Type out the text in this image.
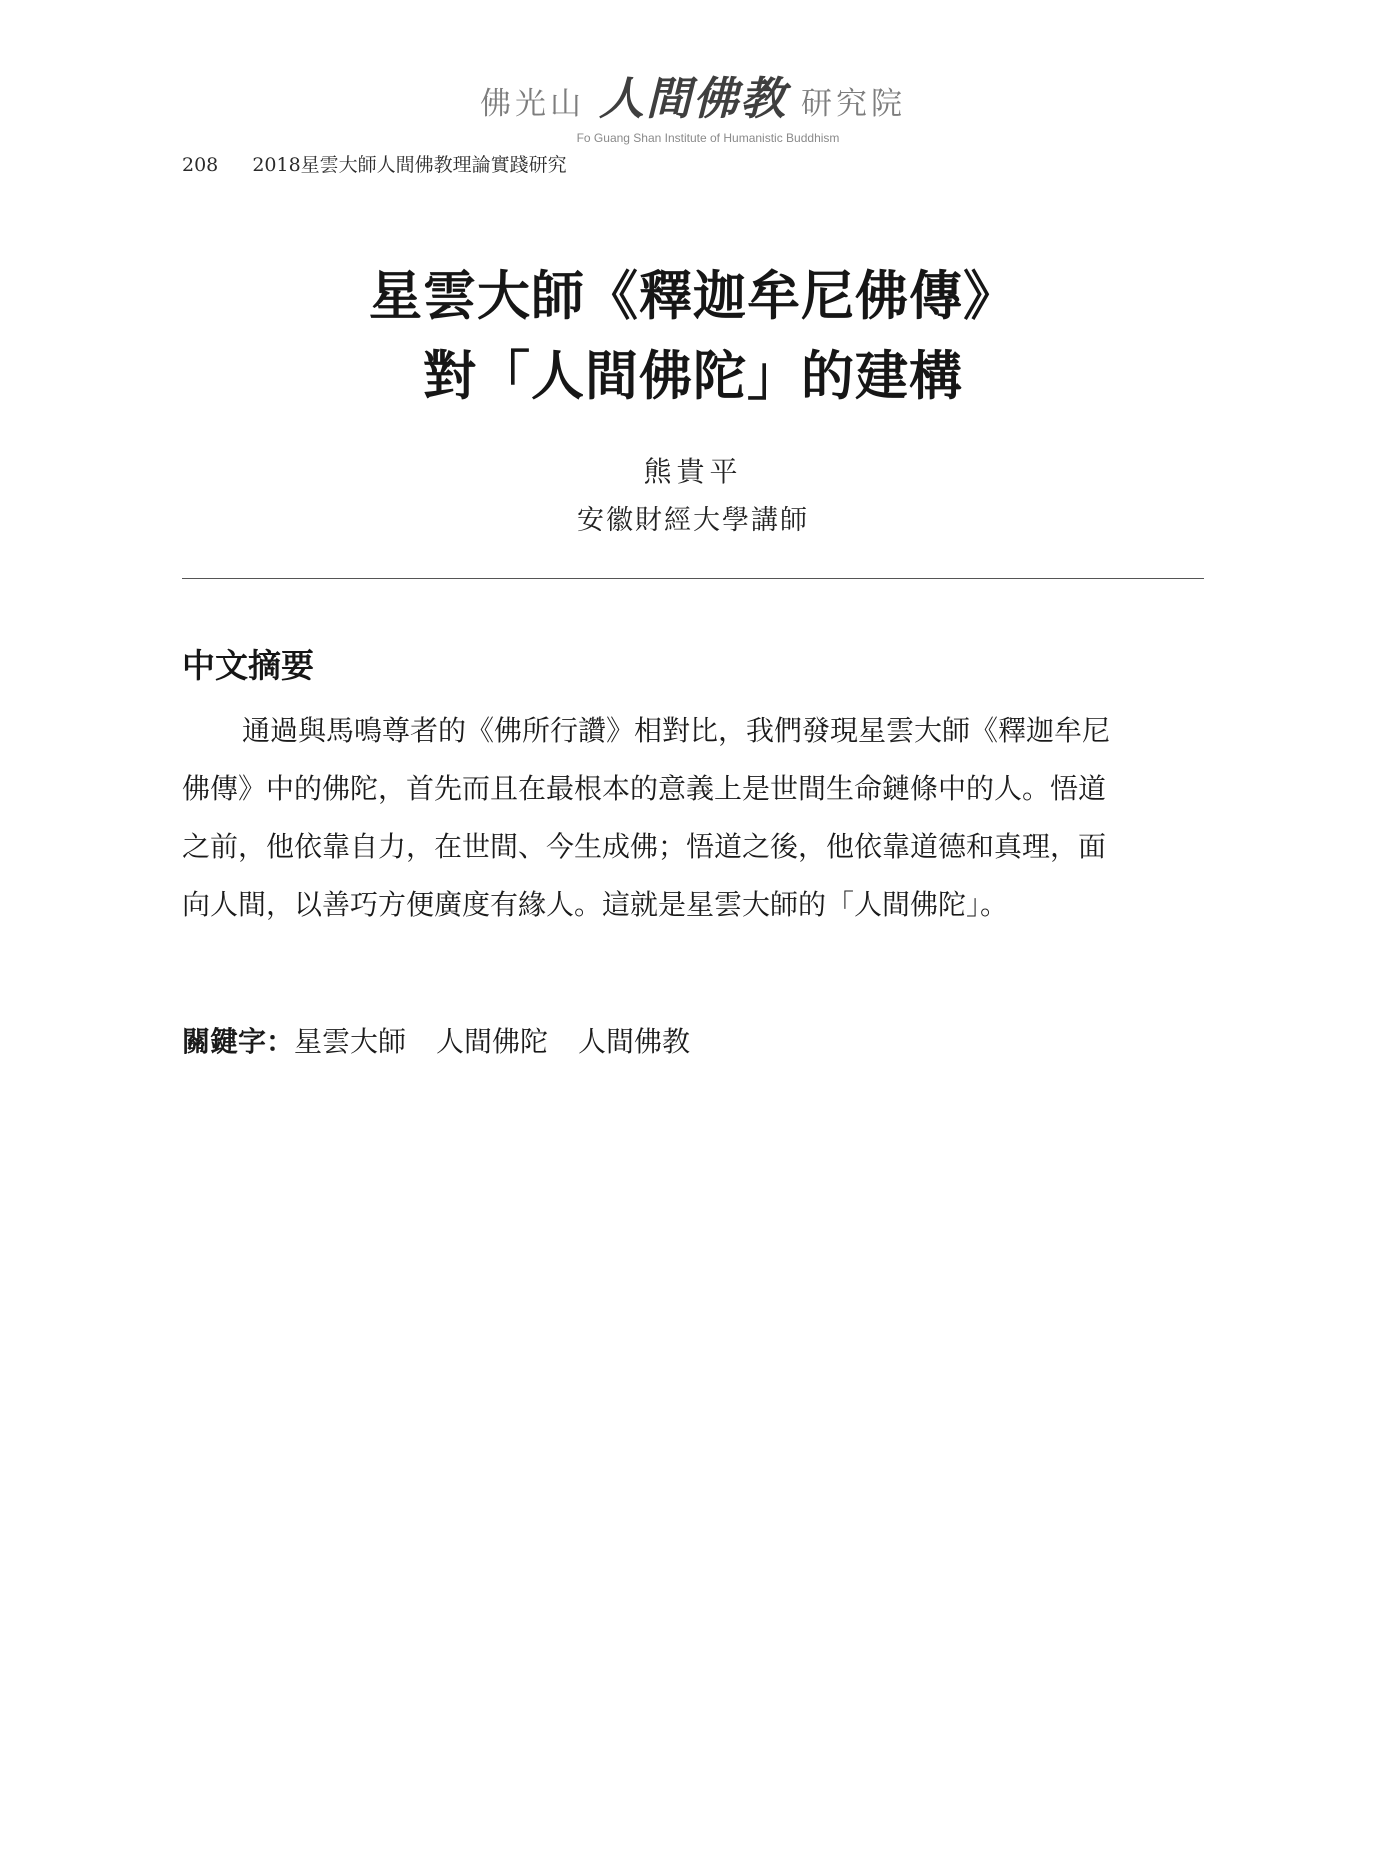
佛光山 人間佛教 研究院
Fo Guang Shan Institute of Humanistic Buddhism
208 2018星雲大師人間佛教理論實踐研究
星雲大師《釋迦牟尼佛傳》
對「人間佛陀」的建構
熊貴平
安徽財經大學講師
中文摘要

通過與馬鳴尊者的《佛所行讚》相對比，我們發現星雲大師《釋迦牟尼
佛傳》中的佛陀，首先而且在最根本的意義上是世間生命鏈條中的人。悟道
之前，他依靠自力，在世間、今生成佛；悟道之後，他依靠道德和真理，面
向人間，以善巧方便廣度有緣人。這就是星雲大師的「人間佛陀」。

關鍵字：星雲大師 人間佛陀 人間佛教
